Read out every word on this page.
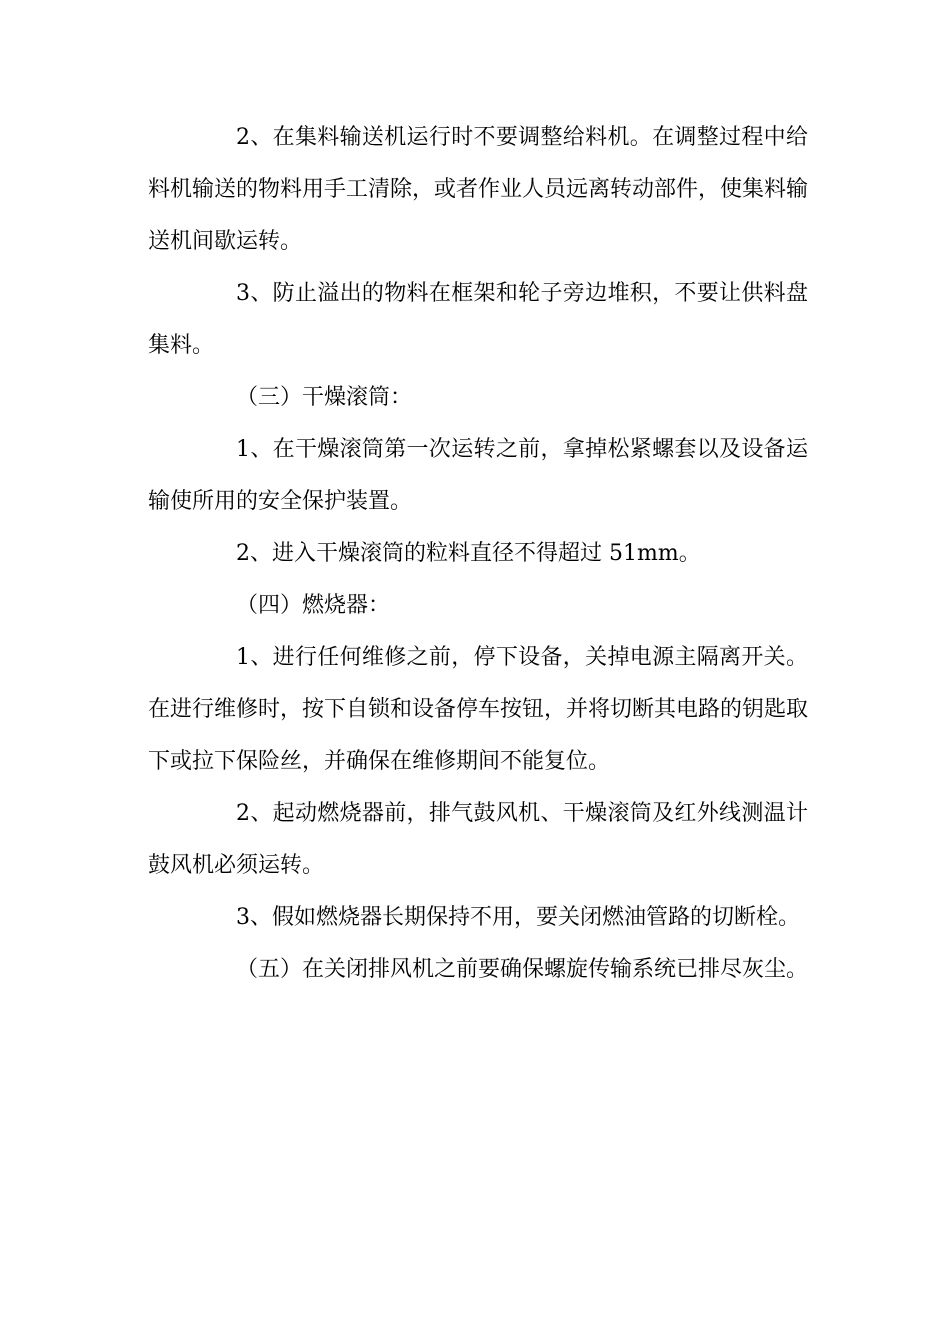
2、在集料输送机运行时不要调整给料机。在调整过程中给料机输送的物料用手工清除，或者作业人员远离转动部件，使集料输送机间歇运转。

3、防止溢出的物料在框架和轮子旁边堆积，不要让供料盘集料。

（三）干燥滚筒：

1、在干燥滚筒第一次运转之前，拿掉松紧螺套以及设备运输使所用的安全保护装置。

2、进入干燥滚筒的粒料直径不得超过 51mm。

（四）燃烧器：

1、进行任何维修之前，停下设备，关掉电源主隔离开关。在进行维修时，按下自锁和设备停车按钮，并将切断其电路的钥匙取下或拉下保险丝，并确保在维修期间不能复位。

2、起动燃烧器前，排气鼓风机、干燥滚筒及红外线测温计鼓风机必须运转。

3、假如燃烧器长期保持不用，要关闭燃油管路的切断栓。

（五）在关闭排风机之前要确保螺旋传输系统已排尽灰尘。
